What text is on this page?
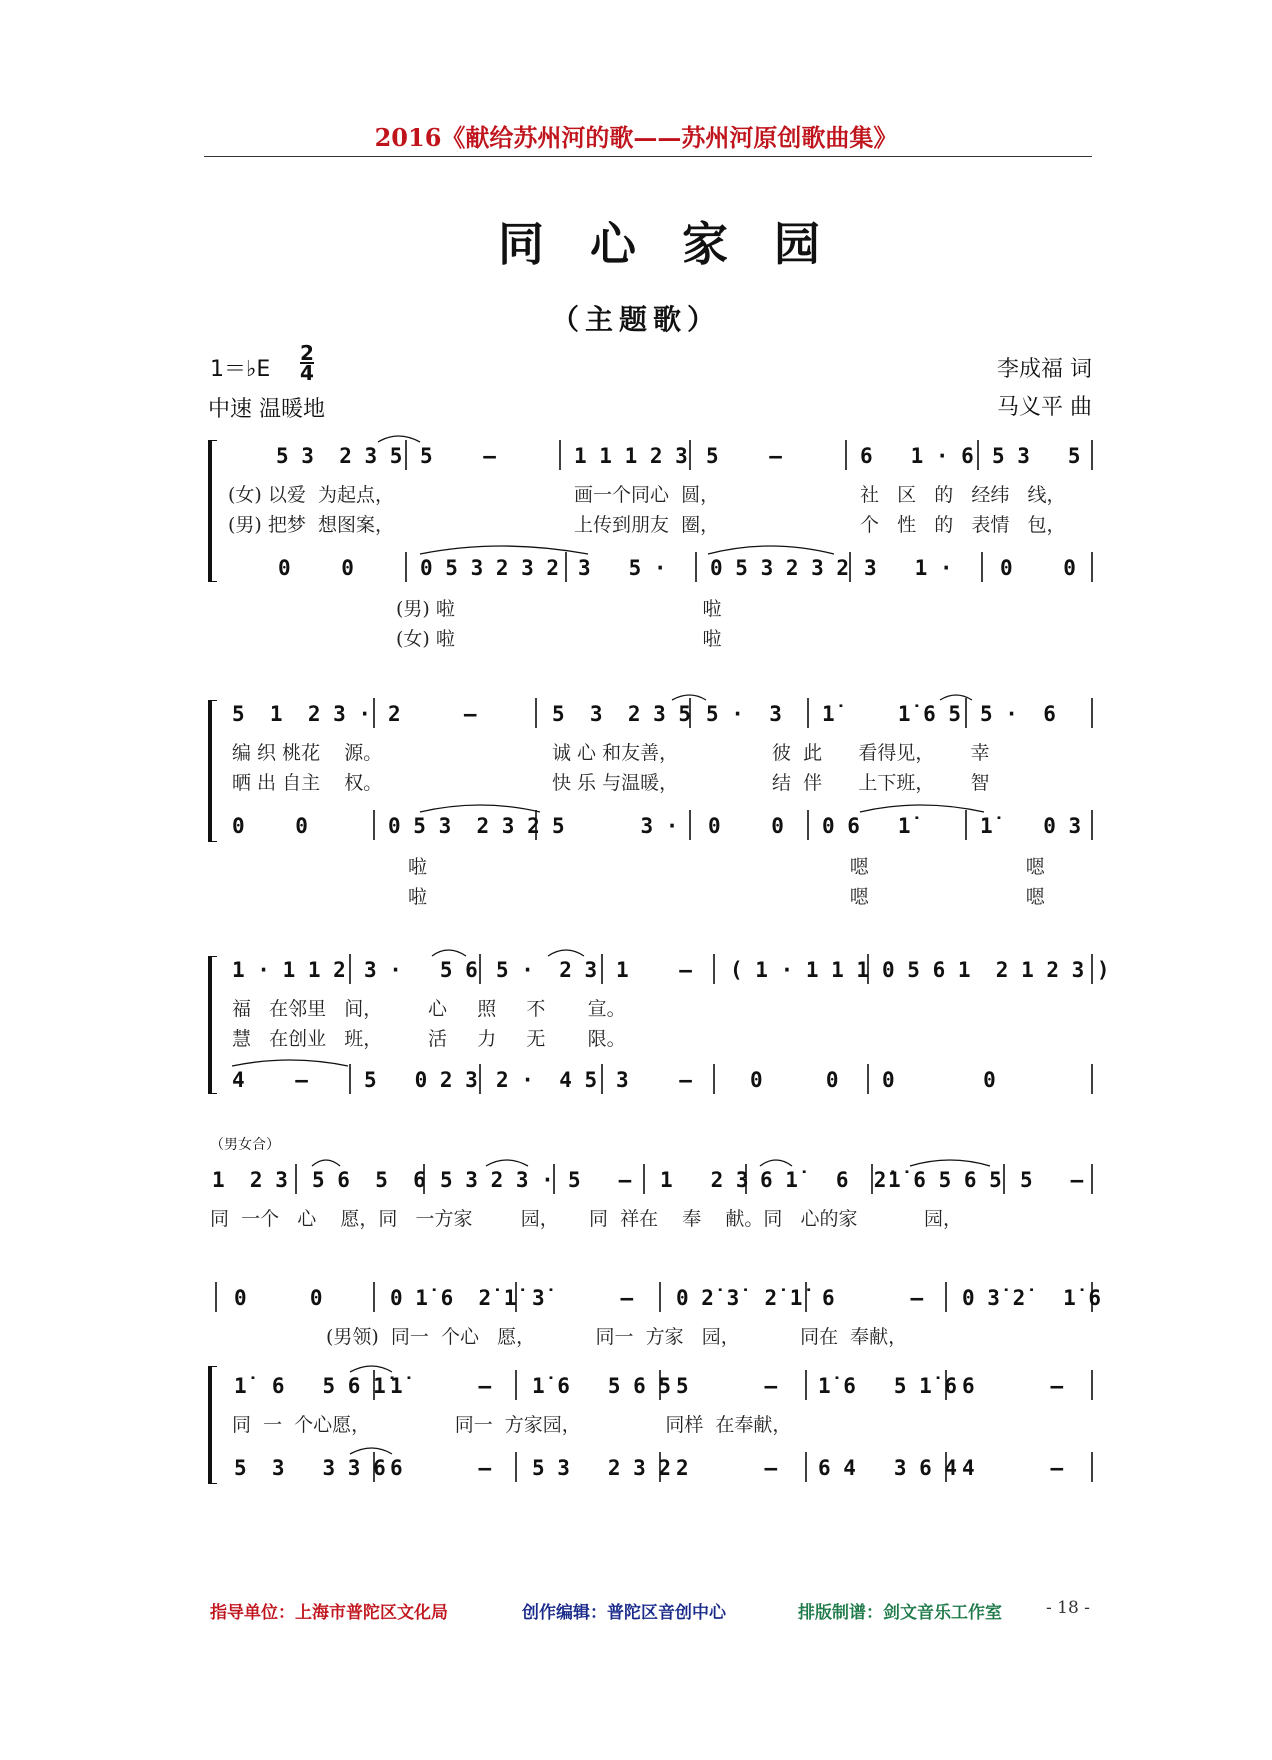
2016《献给苏州河的歌——苏州河原创歌曲集》
同心家园
（主题歌）
1＝♭E
2
4
中速 温暖地
李成福 词
马义平 曲
5 3  2 3 5 5    –	1 1 1 2 3 5    –	6   1 · 6 5 3   5
(女) 以爱  为起点，	画一个同心  圆，	社   区   的   经纬   线，
(男) 把梦  想图案，	上传到朋友  圈，	个   性   的   表情   包，
0    0	0 5 3 2 3 2 3   5 · 0 5 3 2 3 2 3   1 · 0    0
(男) 啦                                         啦
(女) 啦                                         啦
5  1  2 3 · 2     –	5  3  2 3 5 5 ·  3 1̇     1̇ 6 5 5 ·  6
编 织 桃花    源。	诚 心 和友善，	彼  此      看得见，      幸
晒 出 自主    权。	快 乐 与温暖，	结  伴      上下班，      智
0    0	0 5 3  2 3 2 5      3 · 0    0 0 6   1̇	1̇    0 3
啦                                                                      嗯                          嗯
啦                                                                      嗯                          嗯
1 · 1 1 2 3 ·   5 6 5 ·  2 3 1    – ( 1 · 1 1 1 0 5 6 1  2 1 2 3 )
福   在邻里   间， 心     照     不       宣。
慧   在创业   班， 活     力     无       限。
4    –	5   0 2 3 2 ·  4 5 3    –	0     0 0       0
（男女合）
1  2 3 5 6  5  6 5 3 2 3 · 5   – 1   2 3 6 1̇   6  2̇ 1̇ 6 5 6 5 5   –
同  一个   心    愿，同   一方家        园，     同  祥在    奉    献。同   心的家           园，
0     0	0 1̇ 6  2̇ 1̇ 3̇      – 0 2̇ 3̇  2̇ 1̇ 6      – 0 3̇ 2̇   1̇ 6
(男领)  同一  个心   愿，          同一  方家   园，          同在  奉献，
1̇  6   5 6 1̇ 1̇      – 1̇ 6   5 6 5 5      – 1̇ 6   5 1̇ 6 6      –
同  一  个心愿，              同一  方家园，              同样  在奉献，
5  3   3 3 6 6      – 5 3   2 3 2 2      – 6 4   3 6 4 4      –
指导单位：上海市普陀区文化局	创作编辑：普陀区音创中心	排版制谱：剑文音乐工作室	- 18 -
